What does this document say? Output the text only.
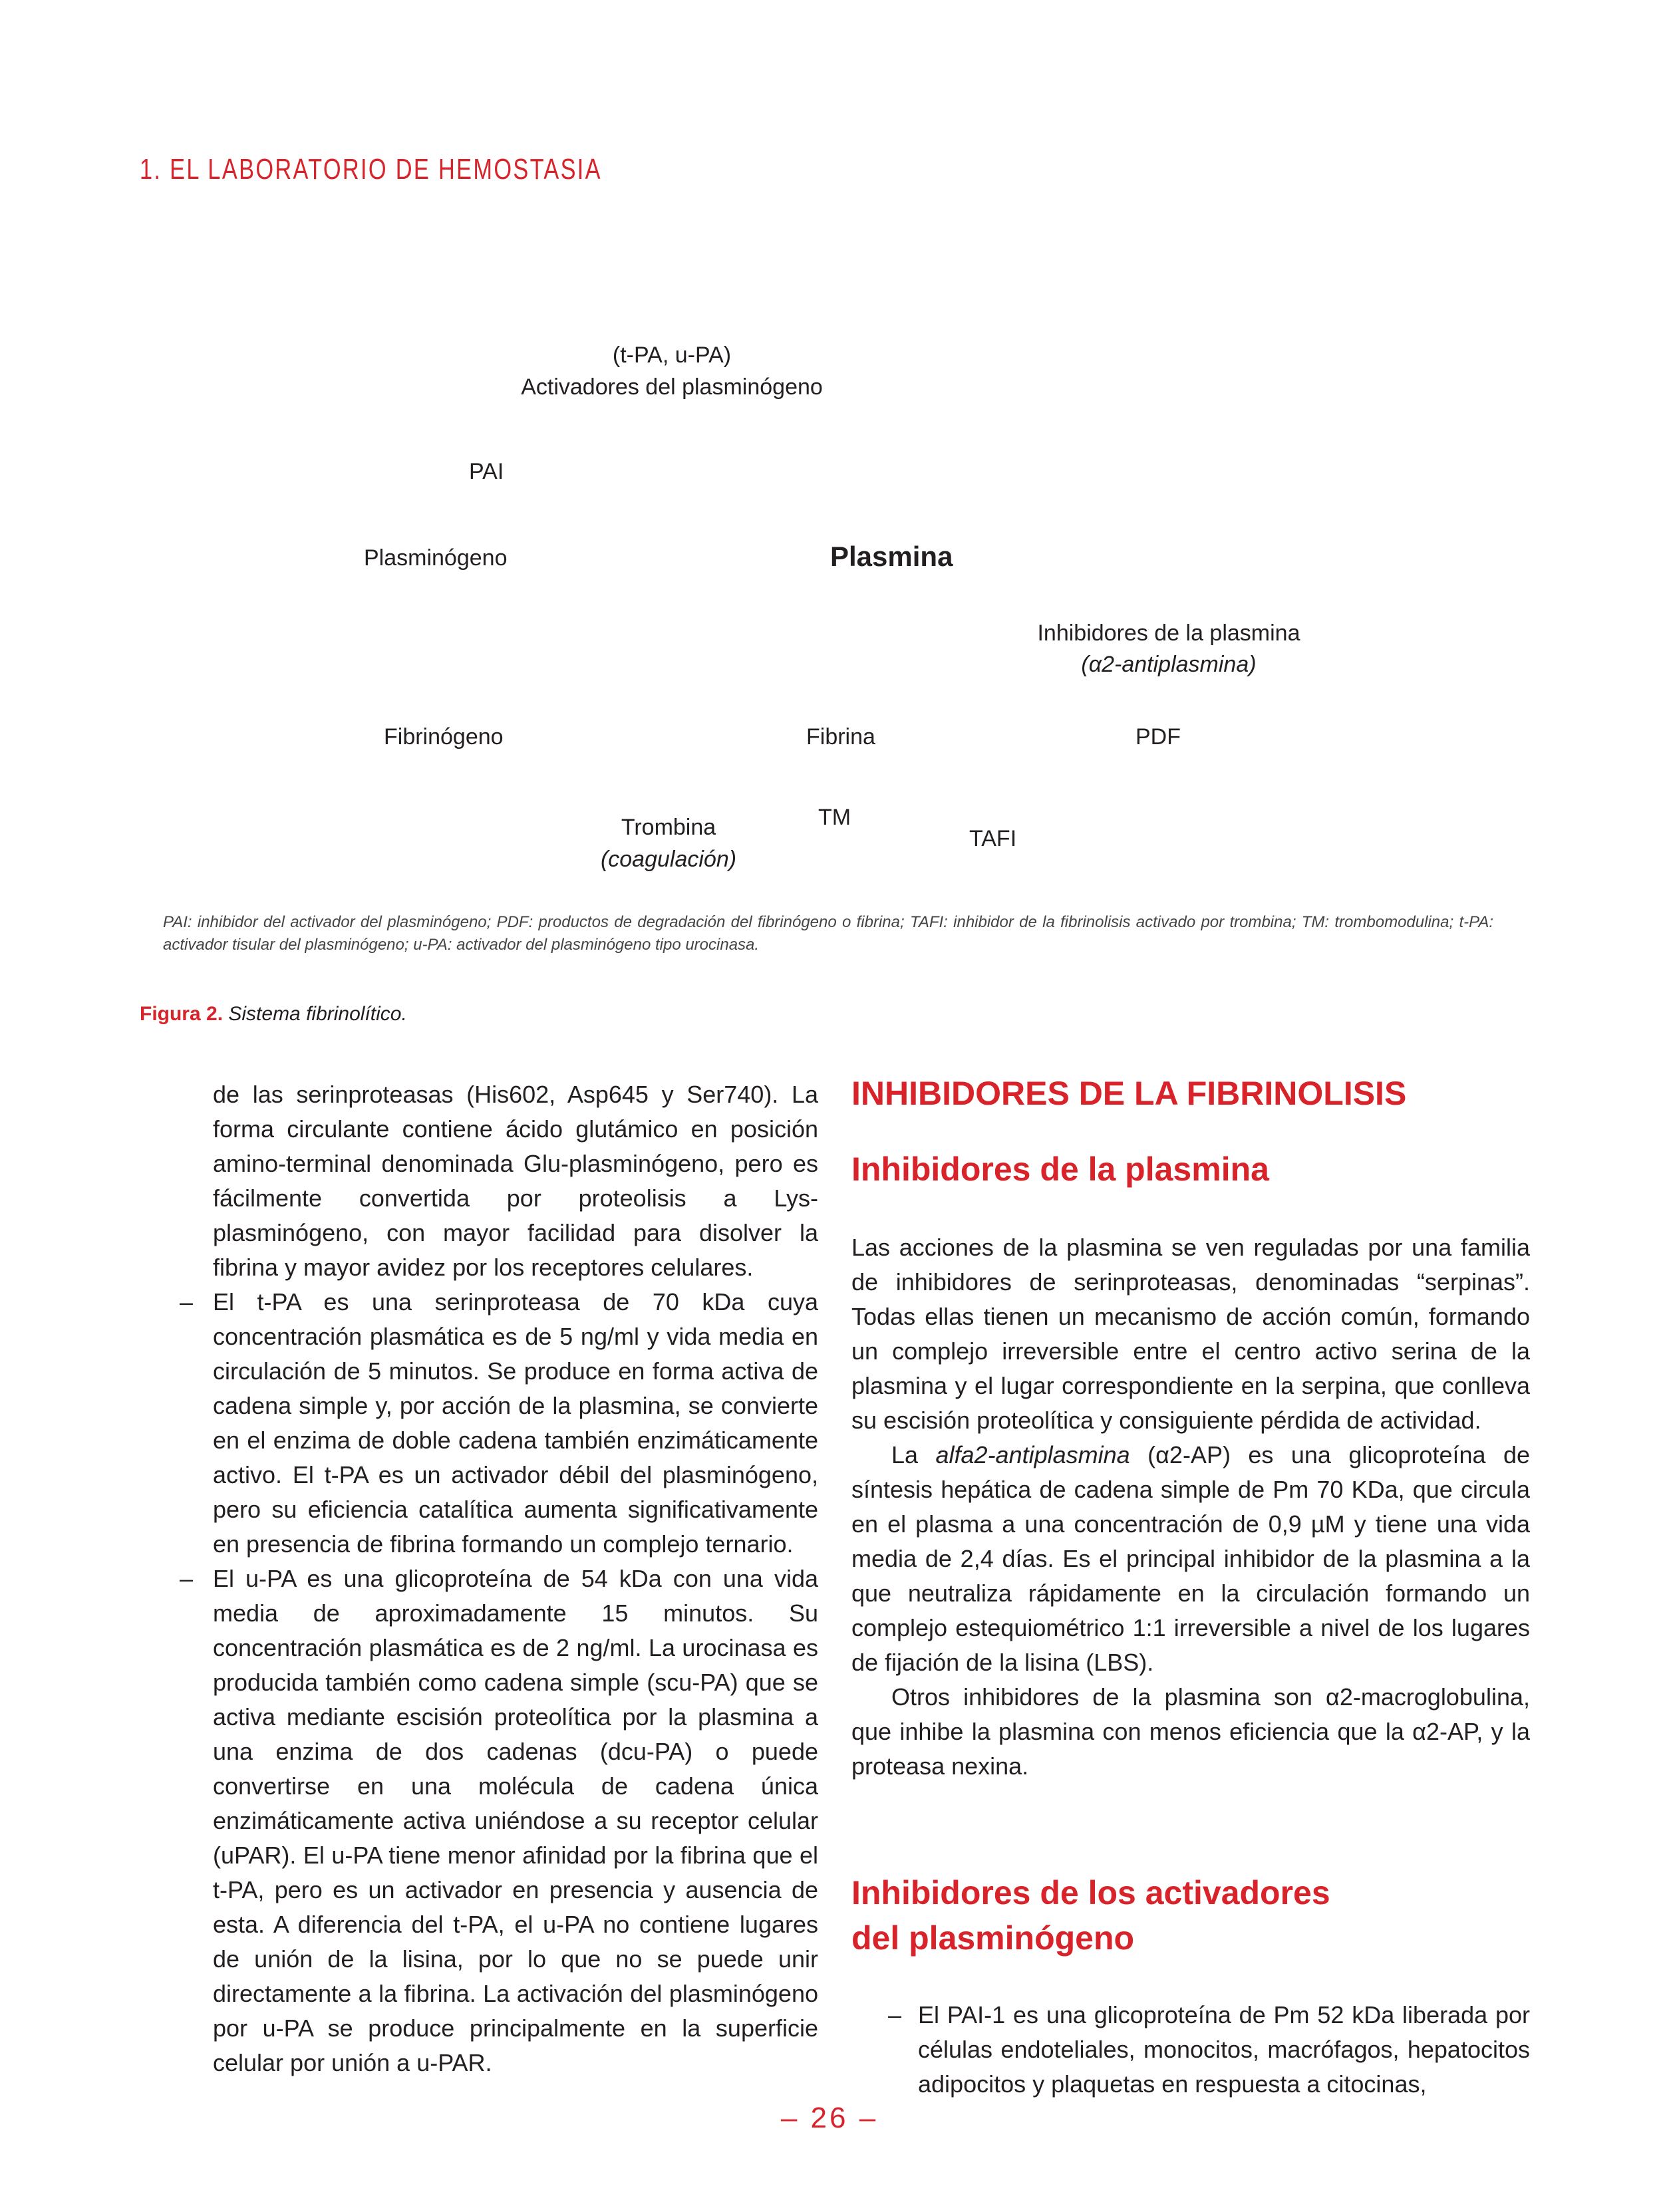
1. EL LABORATORIO DE HEMOSTASIA
(t-PA, u-PA)
Activadores del plasminógeno
PAI
Plasminógeno	Plasmina
Inhibidores de la plasmina
(α2-antiplasmina)
Fibrinógeno	Fibrina	PDF
Trombina
(coagulación)
TM
TAFI
PAI: inhibidor del activador del plasminógeno; PDF: productos de degradación del fibrinógeno o fibrina; TAFI: inhibidor de la fibrinolisis activado por trombina; TM: trombomodulina; t-PA: activador tisular del plasminógeno; u-PA: activador del plasminógeno tipo urocinasa.
Figura 2. Sistema fibrinolítico.

de las serinproteasas (His602, Asp645 y Ser740). La forma circulante contiene ácido glutámico en posición amino-terminal denominada Glu-plasminógeno, pero es fácilmente convertida por proteolisis a Lys-plasminógeno, con mayor facilidad para disolver la fibrina y mayor avidez por los receptores celulares.

– El t-PA es una serinproteasa de 70 kDa cuya concentración plasmática es de 5 ng/ml y vida media en circulación de 5 minutos. Se produce en forma activa de cadena simple y, por acción de la plasmina, se convierte en el enzima de doble cadena también enzimáticamente activo. El t-PA es un activador débil del plasminógeno, pero su eficiencia catalítica aumenta significativamente en presencia de fibrina formando un complejo ternario.

– El u-PA es una glicoproteína de 54 kDa con una vida media de aproximadamente 15 minutos. Su concentración plasmática es de 2 ng/ml. La urocinasa es producida también como cadena simple (scu-PA) que se activa mediante escisión proteolítica por la plasmina a una enzima de dos cadenas (dcu-PA) o puede convertirse en una molécula de cadena única enzimáticamente activa uniéndose a su receptor celular (uPAR). El u-PA tiene menor afinidad por la fibrina que el t-PA, pero es un activador en presencia y ausencia de esta. A diferencia del t-PA, el u-PA no contiene lugares de unión de la lisina, por lo que no se puede unir directamente a la fibrina. La activación del plasminógeno por u-PA se produce principalmente en la superficie celular por unión a u-PAR.

INHIBIDORES DE LA FIBRINOLISIS
Inhibidores de la plasmina

Las acciones de la plasmina se ven reguladas por una familia de inhibidores de serinproteasas, denominadas “serpinas”. Todas ellas tienen un mecanismo de acción común, formando un complejo irreversible entre el centro activo serina de la plasmina y el lugar correspondiente en la serpina, que conlleva su escisión proteolítica y consiguiente pérdida de actividad.

La alfa2-antiplasmina (α2-AP) es una glicoproteína de síntesis hepática de cadena simple de Pm 70 KDa, que circula en el plasma a una concentración de 0,9 µM y tiene una vida media de 2,4 días. Es el principal inhibidor de la plasmina a la que neutraliza rápidamente en la circulación formando un complejo estequiométrico 1:1 irreversible a nivel de los lugares de fijación de la lisina (LBS).

Otros inhibidores de la plasmina son α2-macroglobulina, que inhibe la plasmina con menos eficiencia que la α2-AP, y la proteasa nexina.

Inhibidores de los activadores
del plasminógeno
– El PAI-1 es una glicoproteína de Pm 52 kDa liberada por células endoteliales, monocitos, macrófagos, hepatocitos adipocitos y plaquetas en respuesta a citocinas,

– 26 –
